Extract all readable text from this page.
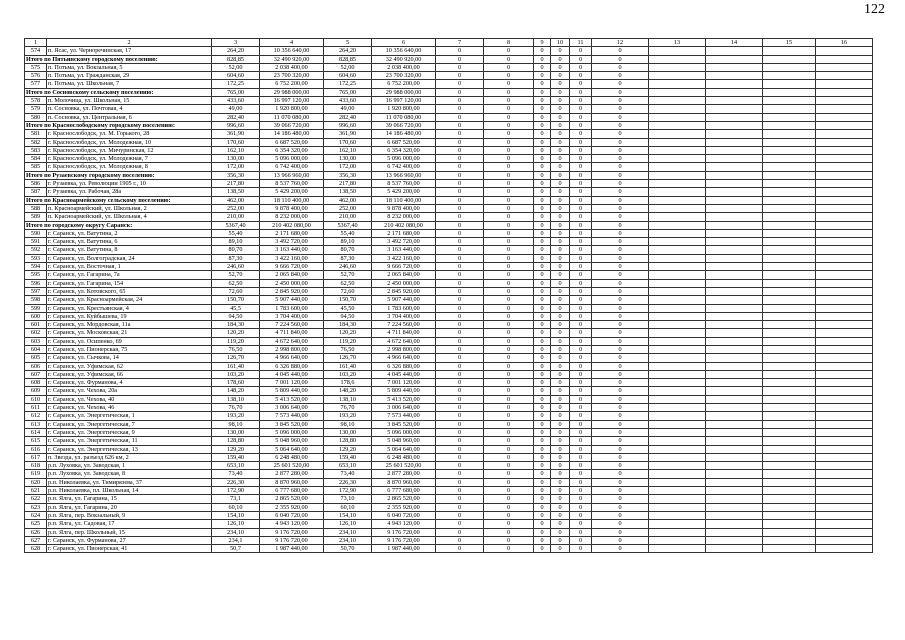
122
1	2	3	4	5	6	7	8	9	10	11	12	13	14	15	16
574	п. Ясас, ул. Черноречинская, 17	264,20	10 356 640,00	264,20	10 356 640,00	0	0	0	0	0	0				
Итого по Пятьинскому городскому поселению:		828,85	32 490 920,00	828,85	32 490 920,00	0	0	0	0	0	0				
575	п. Потьма, ул. Вокзальная, 5	52,00	2 038 400,00	52,00	2 038 400,00	0	0	0	0	0	0				
576	п. Потьма, ул. Гражданская, 29	604,60	23 700 320,00	604,60	23 700 320,00	0	0	0	0	0	0				
577	п. Потьма, ул. Школьная, 7	172,25	6 752 200,00	172,25	6 752 200,00	0	0	0	0	0	0				
Итого по Сосновскому сельскому поселению:		765,00	29 988 000,00	765,00	29 988 000,00	0	0	0	0	0	0				
578	п. Молочица, ул. Школьная, 15	433,60	16 997 120,00	433,60	16 997 120,00	0	0	0	0	0	0				
579	п. Сосновка, ул. Почтовая, 4	49,00	1 920 800,00	49,00	1 920 800,00	0	0	0	0	0	0				
580	п. Сосновка, ул. Центральная, 6	282,40	11 070 080,00	282,40	11 070 080,00	0	0	0	0	0	0				
Итого по Краснослободскому городскому поселению:		996,60	39 066 720,00	996,60	39 066 720,00	0	0	0	0	0	0				
581	г. Краснослободск, ул. М. Горького, 28	361,90	14 186 480,00	361,90	14 186 480,00	0	0	0	0	0	0				
582	г. Краснослободск, ул. Молодежная, 10	170,60	6 687 520,00	170,60	6 687 520,00	0	0	0	0	0	0				
583	г. Краснослободск, ул. Мичуринская, 12	162,10	6 354 320,00	162,10	6 354 320,00	0	0	0	0	0	0				
584	г. Краснослободск, ул. Молодежная, 7	130,00	5 096 000,00	130,00	5 096 000,00	0	0	0	0	0	0				
585	г. Краснослободск, ул. Молодежная, 8	172,00	6 742 400,00	172,00	6 742 400,00	0	0	0	0	0	0				
Итого по Рузаевскому городскому поселению:		356,30	13 966 960,00	356,30	13 966 960,00	0	0	0	0	0	0				
586	г. Рузаевка, ул. Революции 1905 г., 10	217,80	8 537 760,00	217,80	8 537 760,00	0	0	0	0	0	0				
587	г. Рузаевка, ул. Рабочая, 28а	138,50	5 429 200,00	138,50	5 429 200,00	0	0	0	0	0	0				
Итого по Красноармейскому сельскому поселению:		462,00	18 110 400,00	462,00	18 110 400,00	0	0	0	0	0	0				
588	п. Красноармейский, ул. Школьная, 2	252,00	9 878 400,00	252,00	9 878 400,00	0	0	0	0	0	0				
589	п. Красноармейский, ул. Школьная, 4	210,00	8 232 000,00	210,00	8 232 000,00	0	0	0	0	0	0				
Итого по городскому округу Саранск:		5367,40	210 402 080,00	5367,40	210 402 080,00	0	0	0	0	0	0				
590	г. Саранск, ул. Ватутина, 2	55,40	2 171 680,00	55,40	2 171 680,00	0	0	0	0	0	0				
591	г. Саранск, ул. Ватутина, 6	89,10	3 492 720,00	89,10	3 492 720,00	0	0	0	0	0	0				
592	г. Саранск, ул. Ватутина, 8	80,70	3 163 440,00	80,70	3 163 440,00	0	0	0	0	0	0				
593	г. Саранск, ул. Волгоградская, 24	87,30	3 422 160,00	87,30	3 422 160,00	0	0	0	0	0	0				
594	г. Саранск, ул. Восточная, 1	246,60	9 666 720,00	246,60	9 666 720,00	0	0	0	0	0	0				
595	г. Саранск, ул. Гагарина, 7а	52,70	2 065 840,00	52,70	2 065 840,00	0	0	0	0	0	0				
596	г. Саранск, ул. Гагарина, 154	62,50	2 450 000,00	62,50	2 450 000,00	0	0	0	0	0	0				
597	г. Саранск, ул. Котовского, 65	72,60	2 845 920,00	72,60	2 845 920,00	0	0	0	0	0	0				
598	г. Саранск, ул. Красноармейская, 24	150,70	5 907 440,00	150,70	5 907 440,00	0	0	0	0	0	0				
599	г. Саранск, ул. Крестьянская, 4	45,5	1 783 600,00	45,50	1 783 600,00	0	0	0	0	0	0				
600	г. Саранск, ул. Куйбышева, 19	94,50	3 704 400,00	94,50	3 704 400,00	0	0	0	0	0	0				
601	г. Саранск, ул. Мордовская, 11а	184,30	7 224 560,00	184,30	7 224 560,00	0	0	0	0	0	0				
602	г. Саранск, ул. Московская, 21	120,20	4 711 840,00	120,20	4 711 840,00	0	0	0	0	0	0				
603	г. Саранск, ул. Осипенко, 69	119,20	4 672 640,00	119,20	4 672 640,00	0	0	0	0	0	0				
604	г. Саранск, ул. Пионерская, 75	76,50	2 998 800,00	76,50	2 998 800,00	0	0	0	0	0	0				
605	г. Саранск, ул. Сычкова, 14	126,70	4 966 640,00	126,70	4 966 640,00	0	0	0	0	0	0				
606	г. Саранск, ул. Уфимская, 62	161,40	6 326 880,00	161,40	6 326 880,00	0	0	0	0	0	0				
607	г. Саранск, ул. Уфимская, 66	103,20	4 045 440,00	103,20	4 045 440,00	0	0	0	0	0	0				
608	г. Саранск, ул. Фурманова, 4	178,60	7 001 120,00	178,6	7 001 120,00	0	0	0	0	0	0				
609	г. Саранск, ул. Чехова, 20а	148,20	5 809 440,00	148,20	5 809 440,00	0	0	0	0	0	0				
610	г. Саранск, ул. Чехова, 40	138,10	5 413 520,00	138,10	5 413 520,00	0	0	0	0	0	0				
611	г. Саранск, ул. Чехова, 46	76,70	3 006 640,00	76,70	3 006 640,00	0	0	0	0	0	0				
612	г. Саранск, ул. Энергетическая, 1	193,20	7 573 440,00	193,20	7 573 440,00	0	0	0	0	0	0				
613	г. Саранск, ул. Энергетическая, 7	98,10	3 845 520,00	98,10	3 845 520,00	0	0	0	0	0	0				
614	г. Саранск, ул. Энергетическая, 9	130,00	5 096 000,00	130,00	5 096 000,00	0	0	0	0	0	0				
615	г. Саранск, ул. Энергетическая, 11	128,80	5 048 960,00	128,80	5 048 960,00	0	0	0	0	0	0				
616	г. Саранск, ул. Энергетическая, 13	129,20	5 064 640,00	129,20	5 064 640,00	0	0	0	0	0	0				
617	п. Звезда, ул. разъезд 626 км, 2	159,40	6 248 480,00	159,40	6 248 480,00	0	0	0	0	0	0				
618	р.п. Луховка, ул. Заводская, 1	653,10	25 601 520,00	653,10	25 601 520,00	0	0	0	0	0	0				
619	р.п. Луховка, ул. Заводская, 8	73,40	2 877 280,00	73,40	2 877 280,00	0	0	0	0	0	0				
620	р.п. Николаевка, ул. Тимирязева, 37	226,30	8 870 960,00	226,30	8 870 960,00	0	0	0	0	0	0				
621	р.п. Николаевка, пл. Школьная, 14	172,90	6 777 680,00	172,90	6 777 680,00	0	0	0	0	0	0				
622	р.п. Ялга, ул. Гагарина, 15	73,1	2 865 520,00	73,10	2 865 520,00	0	0	0	0	0	0				
623	р.п. Ялга, ул. Гагарина, 20	60,10	2 355 920,00	60,10	2 355 920,00	0	0	0	0	0	0				
624	р.п. Ялга, пер. Вокзальный, 9	154,10	6 040 720,00	154,10	6 040 720,00	0	0	0	0	0	0				
625	р.п. Ялга, ул. Садовая, 17	126,10	4 943 120,00	126,10	4 943 120,00	0	0	0	0	0	0				
626	р.п. Ялга, пер. Школьный, 15	234,10	9 176 720,00	234,10	9 176 720,00	0	0	0	0	0	0				
627	г. Саранск, ул. Фурманова, 27	234,1	9 176 720,00	234,10	9 176 720,00	0	0	0	0	0	0				
628	г. Саранск, ул. Пионерская, 41	50,7	1 987 440,00	50,70	1 987 440,00	0	0	0	0	0	0				
